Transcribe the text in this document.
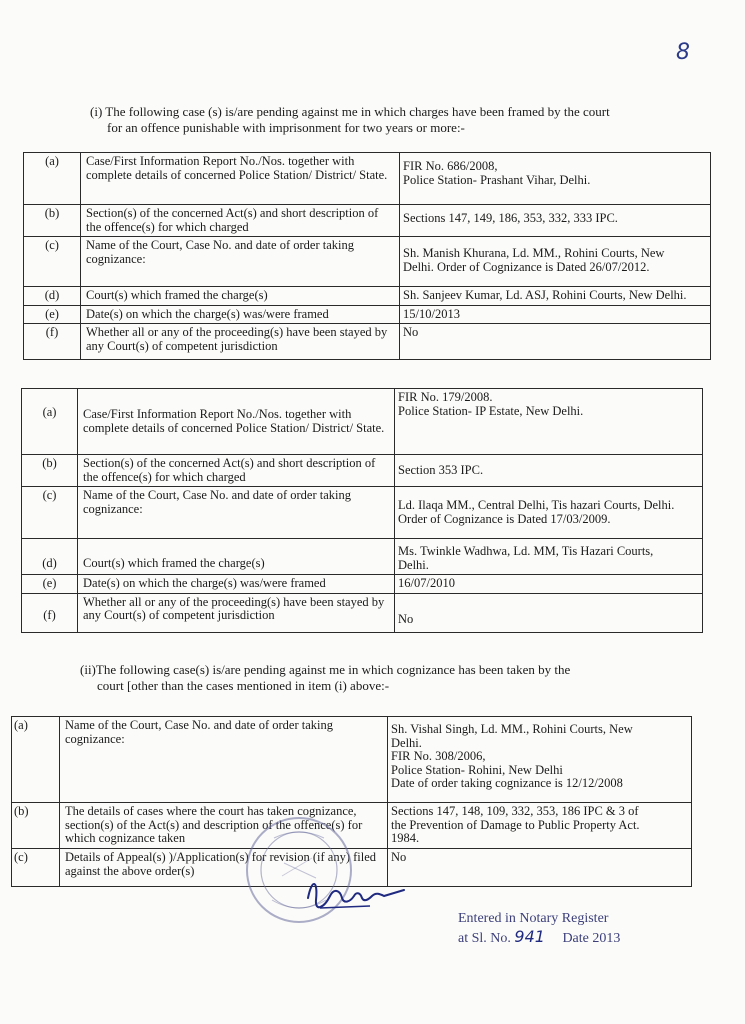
8
(i) The following case (s) is/are pending against me in which charges have been framed by the court
for an offence punishable with imprisonment for two years or more:-
(a)	Case/First Information Report No./Nos. together with complete details of concerned Police Station/ District/ State.	FIR No. 686/2008,
Police Station- Prashant Vihar, Delhi.

(b)	Section(s) of the concerned Act(s) and short description of the offence(s) for which charged	Sections 147, 149, 186, 353, 332, 333 IPC.

(c)	Name of the Court, Case No. and date of order taking cognizance:	Sh. Manish Khurana, Ld. MM., Rohini Courts, New
Delhi. Order of Cognizance is Dated 26/07/2012.

(d)	Court(s) which framed the charge(s)	Sh. Sanjeev Kumar, Ld. ASJ, Rohini Courts, New Delhi.
(e)	Date(s) on which the charge(s) was/were framed	15/10/2013
(f)	Whether all or any of the proceeding(s) have been stayed by any Court(s) of competent jurisdiction	No
(a)	Case/First Information Report No./Nos. together with complete details of concerned Police Station/ District/ State.	FIR No. 179/2008.
Police Station- IP Estate, New Delhi.

(b)	Section(s) of the concerned Act(s) and short description of the offence(s) for which charged	Section 353 IPC.

(c)	Name of the Court, Case No. and date of order taking cognizance:	Ld. Ilaqa MM., Central Delhi, Tis hazari Courts, Delhi.
Order of Cognizance is Dated 17/03/2009.

(d)	Court(s) which framed the charge(s)	Ms. Twinkle Wadhwa, Ld. MM, Tis Hazari Courts,
Delhi.

(e)	Date(s) on which the charge(s) was/were framed	16/07/2010

(f)	Whether all or any of the proceeding(s) have been stayed by any Court(s) of competent jurisdiction	No
(ii)The following case(s) is/are pending against me in which cognizance has been taken by the
court [other than the cases mentioned in item (i) above:-
(a)	Name of the Court, Case No. and date of order taking cognizance:	Sh. Vishal Singh, Ld. MM., Rohini Courts, New
Delhi.
FIR No. 308/2006,
Police Station- Rohini, New Delhi
Date of order taking cognizance is 12/12/2008

(b)	The details of cases where the court has taken cognizance, section(s) of the Act(s) and description of the offence(s) for which cognizance taken	Sections 147, 148, 109, 332, 353, 186 IPC & 3 of
the Prevention of Damage to Public Property Act.
1984.

(c)	Details of Appeal(s) )/Application(s) for revision (if any) filed against the above order(s)	No
Entered in Notary Register
at Sl. No. 941 Date 2013
